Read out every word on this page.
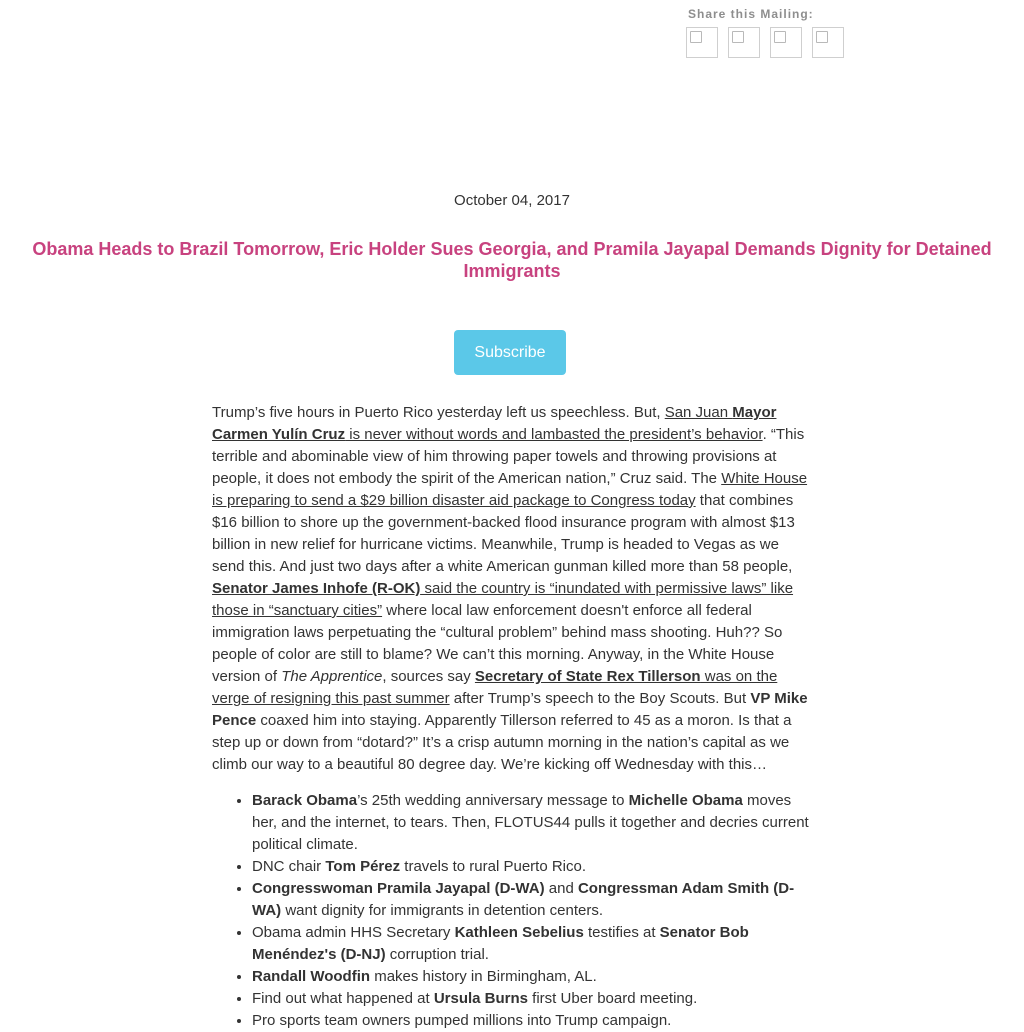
Share this Mailing:
October 04, 2017
Obama Heads to Brazil Tomorrow, Eric Holder Sues Georgia, and Pramila Jayapal Demands Dignity for Detained Immigrants
Subscribe

Trump’s five hours in Puerto Rico yesterday left us speechless. But, San Juan Mayor Carmen Yulín Cruz is never without words and lambasted the president’s behavior. “This terrible and abominable view of him throwing paper towels and throwing provisions at people, it does not embody the spirit of the American nation,” Cruz said. The White House is preparing to send a $29 billion disaster aid package to Congress today that combines $16 billion to shore up the government-backed flood insurance program with almost $13 billion in new relief for hurricane victims. Meanwhile, Trump is headed to Vegas as we send this. And just two days after a white American gunman killed more than 58 people, Senator James Inhofe (R-OK) said the country is “inundated with permissive laws” like those in “sanctuary cities” where local law enforcement doesn't enforce all federal immigration laws perpetuating the “cultural problem” behind mass shooting. Huh?? So people of color are still to blame? We can’t this morning. Anyway, in the White House version of The Apprentice, sources say Secretary of State Rex Tillerson was on the verge of resigning this past summer after Trump’s speech to the Boy Scouts. But VP Mike Pence coaxed him into staying. Apparently Tillerson referred to 45 as a moron. Is that a step up or down from “dotard?” It’s a crisp autumn morning in the nation’s capital as we climb our way to a beautiful 80 degree day. We’re kicking off Wednesday with this…

• Barack Obama’s 25th wedding anniversary message to Michelle Obama moves her, and the internet, to tears. Then, FLOTUS44 pulls it together and decries current political climate.
• DNC chair Tom Pérez travels to rural Puerto Rico.
• Congresswoman Pramila Jayapal (D-WA) and Congressman Adam Smith (D-WA) want dignity for immigrants in detention centers.
• Obama admin HHS Secretary Kathleen Sebelius testifies at Senator Bob Menéndez's (D-NJ) corruption trial.
• Randall Woodfin makes history in Birmingham, AL.
• Find out what happened at Ursula Burns first Uber board meeting.
• Pro sports team owners pumped millions into Trump campaign.
